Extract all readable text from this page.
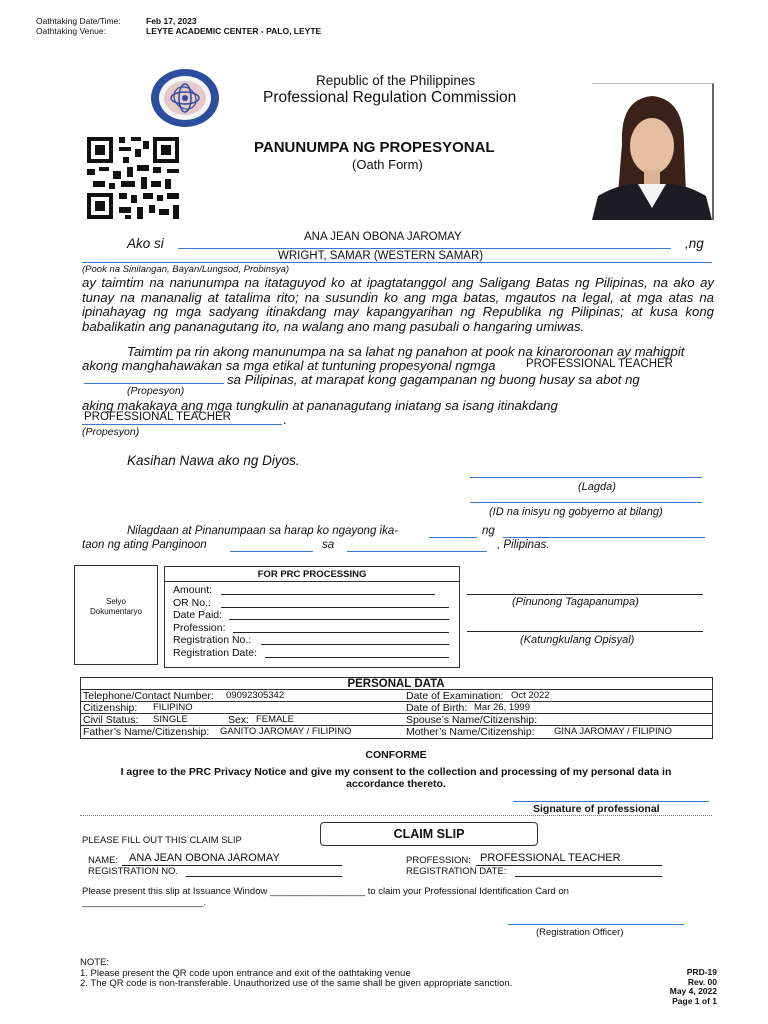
Oathtaking Date/Time:	Feb 17, 2023
Oathtaking Venue:	LEYTE ACADEMIC CENTER - PALO, LEYTE
Republic of the Philippines
Professional Regulation Commission
PANUNUMPA NG PROPESYONAL
(Oath Form)
Ako si	ANA JEAN OBONA JAROMAY	,ng
WRIGHT, SAMAR (WESTERN SAMAR)
(Pook na Sinilangan, Bayan/Lungsod, Probinsya)
ay taimtim na nanunumpa na itataguyod ko at ipagtatanggol ang Saligang Batas ng Pilipinas, na ako ay tunay na mananalig at tatalima rito; na susundin ko ang mga batas, mgautos na legal, at mga atas na ipinahayag ng mga sadyang itinakdang may kapangyarihan ng Republika ng Pilipinas; at kusa kong babalikatin ang pananagutang ito, na walang ano mang pasubali o hangaring umiwas.
Taimtim pa rin akong manunumpa na sa lahat ng panahon at pook na kinaroroonan ay mahigpit
akong manghahawakan sa mga etikal at tuntuning propesyonal ngmga	PROFESSIONAL TEACHER
sa Pilipinas, at marapat kong gagampanan ng buong husay sa abot ng
(Propesyon)
aking makakaya ang mga tungkulin at pananagutang iniatang sa isang itinakdang
PROFESSIONAL TEACHER	.
(Propesyon)
Kasihan Nawa ako ng Diyos.
(Lagda)
(ID na inisyu ng gobyerno at bilang)
Nilagdaan at Pinanumpaan sa harap ko ngayong ika-	ng
taon ng ating Panginoon	sa	, Pilipinas.
Selyo
Dokumentaryo
FOR PRC PROCESSING
Amount:
OR No.:
Date Paid:
Profession:
Registration No.:
Registration Date:
(Pinunong Tagapanumpa)
(Katungkulang Opisyal)
PERSONAL DATA
Telephone/Contact Number: 09092305342	Date of Examination: Oct 2022
Citizenship: FILIPINO	Date of Birth: Mar 26, 1999
Civil Status: SINGLE	Sex: FEMALE	Spouse’s Name/Citizenship:
Father’s Name/Citizenship: GANITO JAROMAY / FILIPINO	Mother’s Name/Citizenship: GINA JAROMAY / FILIPINO
CONFORME
I agree to the PRC Privacy Notice and give my consent to the collection and processing of my personal data in accordance thereto.
Signature of professional
PLEASE FILL OUT THIS CLAIM SLIP	CLAIM SLIP
NAME: ANA JEAN OBONA JAROMAY
REGISTRATION NO.
PROFESSION: PROFESSIONAL TEACHER
REGISTRATION DATE:
Please present this slip at Issuance Window __________________ to claim your Professional Identification Card on
_______________________.
(Registration Officer)
NOTE:
1. Please present the QR code upon entrance and exit of the oathtaking venue
2. The QR code is non-transferable. Unauthorized use of the same shall be given appropriate sanction.
PRD-19
Rev. 00
May 4, 2022
Page 1 of 1
